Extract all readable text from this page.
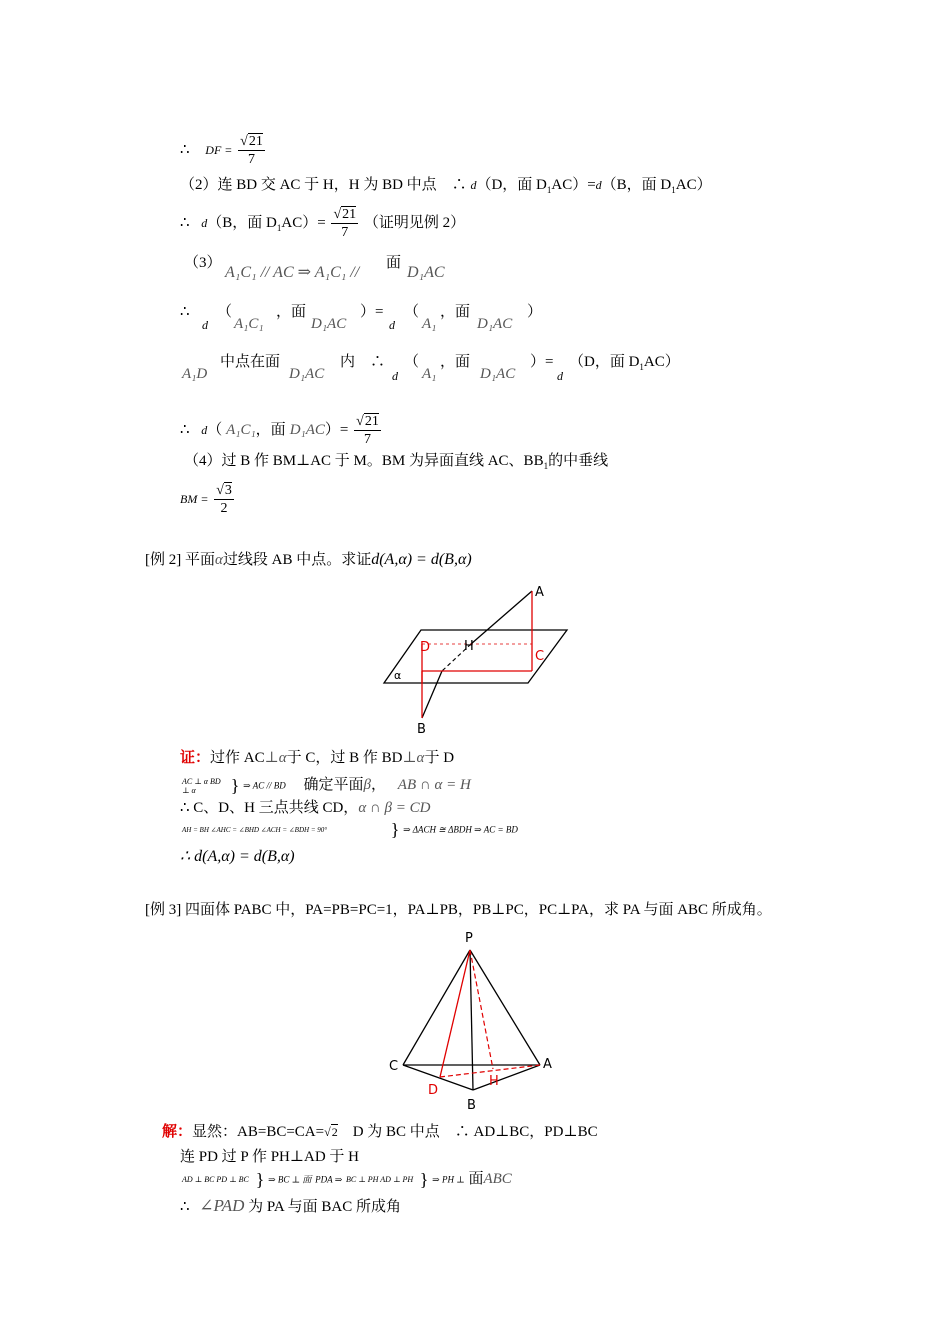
∴ DF = $\frac{√21}{7}$
（2）连 BD 交 AC 于 H，H 为 BD 中点　∴ d（D，面 $D_1AC)=d(B$，面 $D_1AC$）
∴ d（B，面 $D_1AC)= \frac{√21}{7}$ （证明见例 2）
（3）
A₁C₁ // AC ⇒ A₁C₁ //
面
D₁AC
∴
d
（
A₁C₁
，面
D₁AC
）=
d
（
A₁
，面
D₁AC
）
A₁D
中点在面
D₁AC
内　∴
d
（
A₁
，面
D₁AC
）=
d
（D，面 $D_1AC$）
∴ d（ A₁C₁，面 $D_1AC)= \frac{√21}{7}$
（4）过 B 作 BM⊥AC 于 M。BM 为异面直线 AC、$BB_1$的中垂线
BM = $\frac{√3}{2}$
[例 2] 平面α过线段 AB 中点。求证d(A,α) = d(B,α)
A
B
C
D	H
α
证：过作 AC⊥α于 C，过 B 作 BD⊥α于 D
AC ⊥ α BD ⊥ α } ⇒ AC // BD 确定平面β， AB ∩ α = H
∴ C、D、H 三点共线 CD，α ∩ β = CD
AH = BH ∠AHC = ∠BHD ∠ACH = ∠BDH = 90°	} ⇒ ΔACH ≅ ΔBDH ⇒ AC = BD
∴ d(A,α) = d(B,α)
[例 3] 四面体 PABC 中，PA=PB=PC=1，PA⊥PB，PB⊥PC，PC⊥PA，求 PA 与面 ABC 所成角。
P
C	A
B
D
H
解：显然：AB=BC=CA=√2　D 为 BC 中点　∴ AD⊥BC，PD⊥BC
连 PD 过 P 作 PH⊥AD 于 H
AD ⊥ BC PD ⊥ BC } ⇒ BC ⊥ 面 PDA ⇒ BC ⊥ PH AD ⊥ PH } ⇒ PH ⊥ 面ABC
∴ ∠PAD 为 PA 与面 BAC 所成角
